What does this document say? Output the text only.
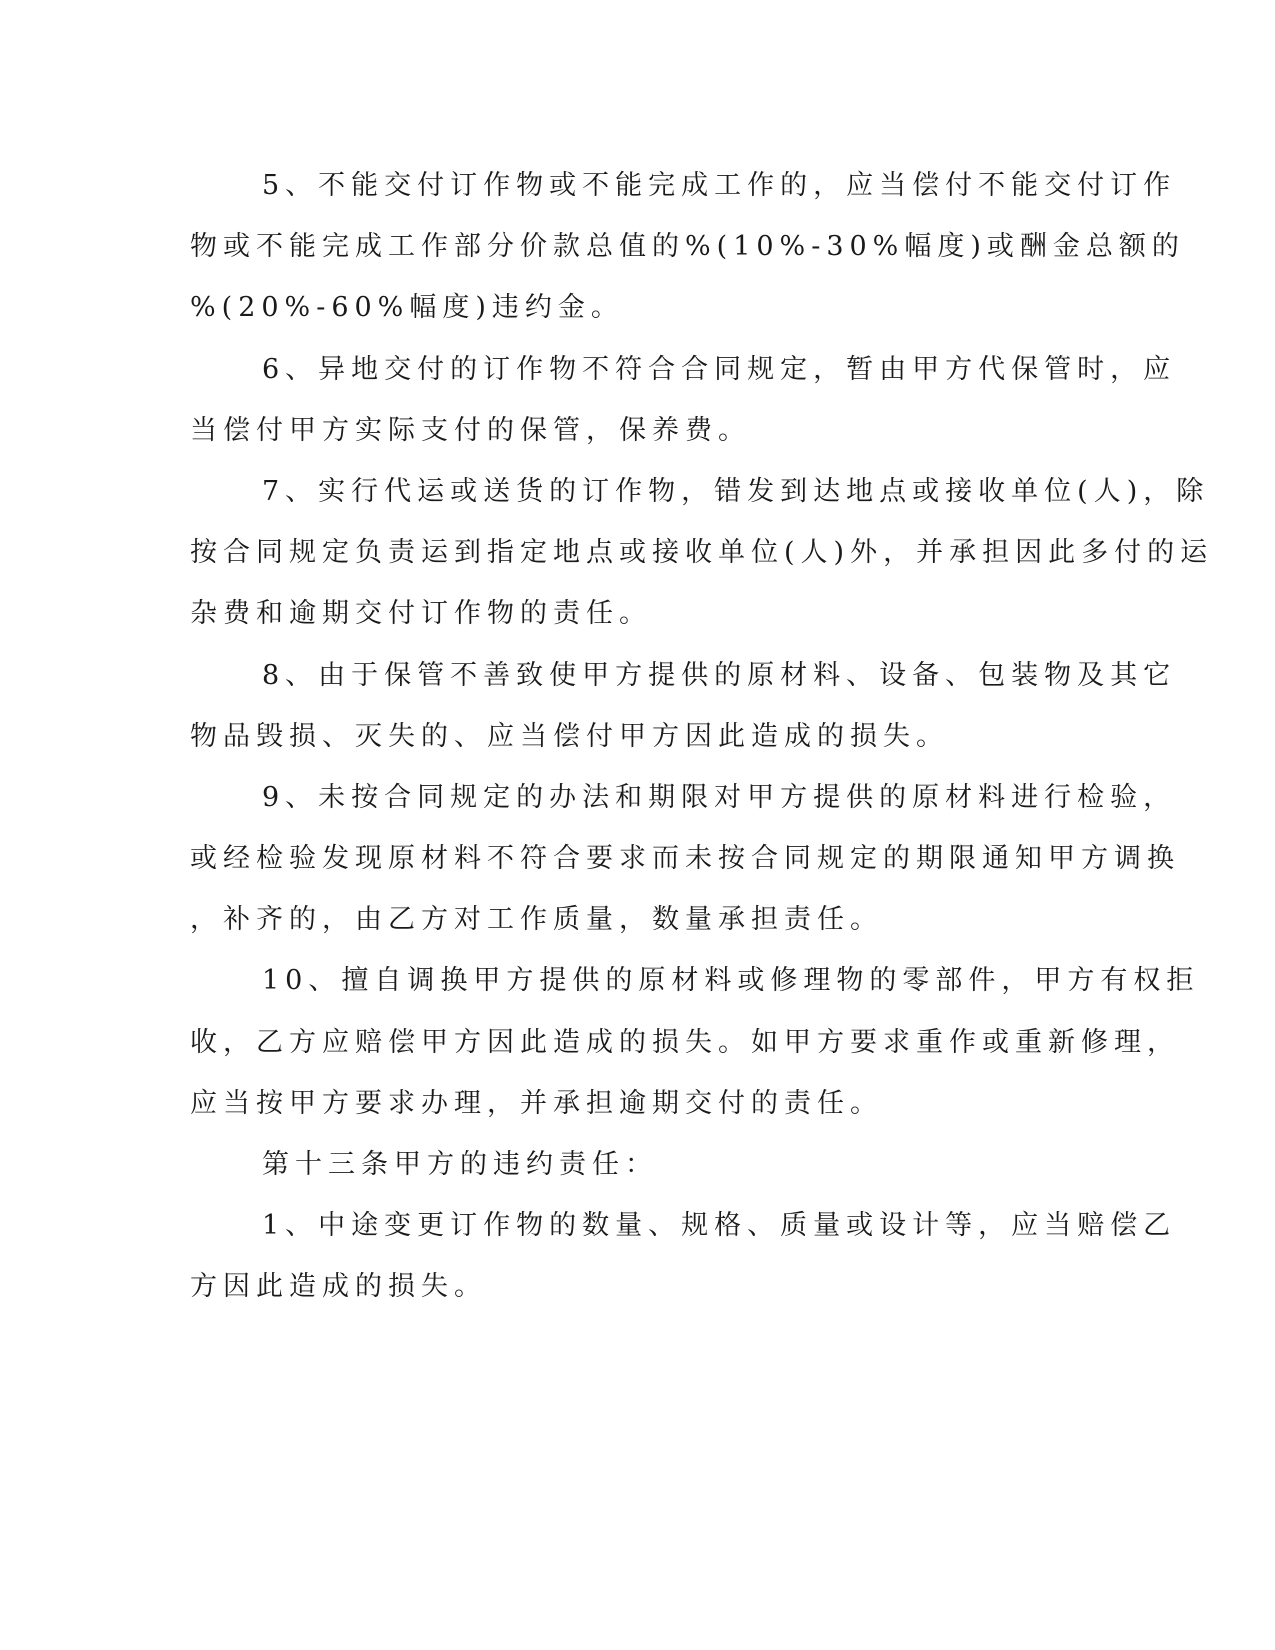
5、不能交付订作物或不能完成工作的，应当偿付不能交付订作
物或不能完成工作部分价款总值的%(10%-30%幅度)或酬金总额的
%(20%-60%幅度)违约金。
6、异地交付的订作物不符合合同规定，暂由甲方代保管时，应
当偿付甲方实际支付的保管，保养费。
7、实行代运或送货的订作物，错发到达地点或接收单位(人)，除
按合同规定负责运到指定地点或接收单位(人)外，并承担因此多付的运
杂费和逾期交付订作物的责任。
8、由于保管不善致使甲方提供的原材料、设备、包装物及其它
物品毁损、灭失的、应当偿付甲方因此造成的损失。
9、未按合同规定的办法和期限对甲方提供的原材料进行检验，
或经检验发现原材料不符合要求而未按合同规定的期限通知甲方调换
，补齐的，由乙方对工作质量，数量承担责任。
10、擅自调换甲方提供的原材料或修理物的零部件，甲方有权拒
收，乙方应赔偿甲方因此造成的损失。如甲方要求重作或重新修理，
应当按甲方要求办理，并承担逾期交付的责任。
第十三条甲方的违约责任：
1、中途变更订作物的数量、规格、质量或设计等，应当赔偿乙
方因此造成的损失。
